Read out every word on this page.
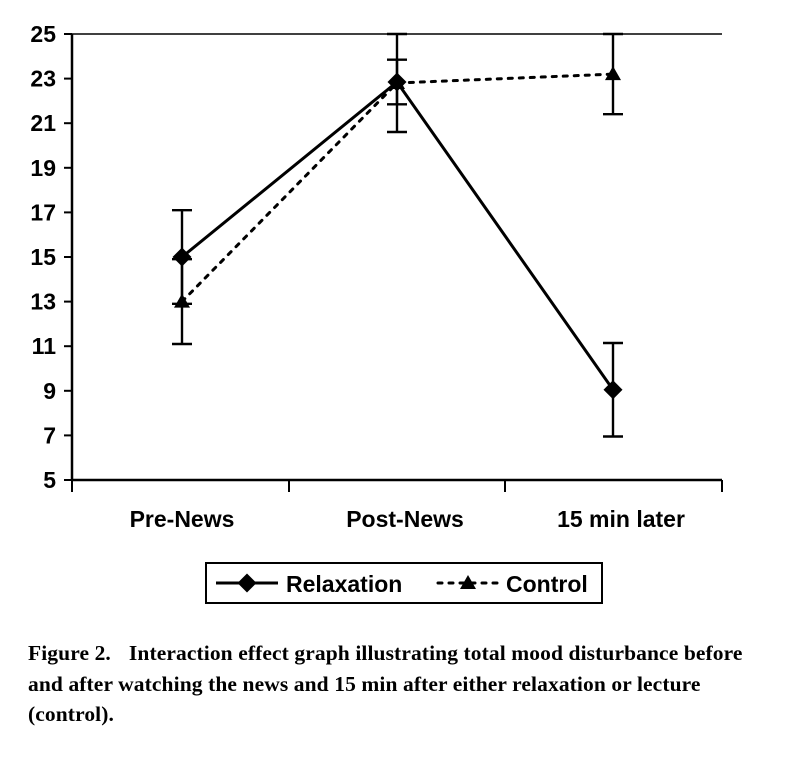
25
23
21
19
17
15
13
11
9
7
5
Pre-News	Post-News	15 min later
Relaxation	Control
Figure 2. Interaction effect graph illustrating total mood disturbance before and after watching the news and 15 min after either relaxation or lecture (control).
